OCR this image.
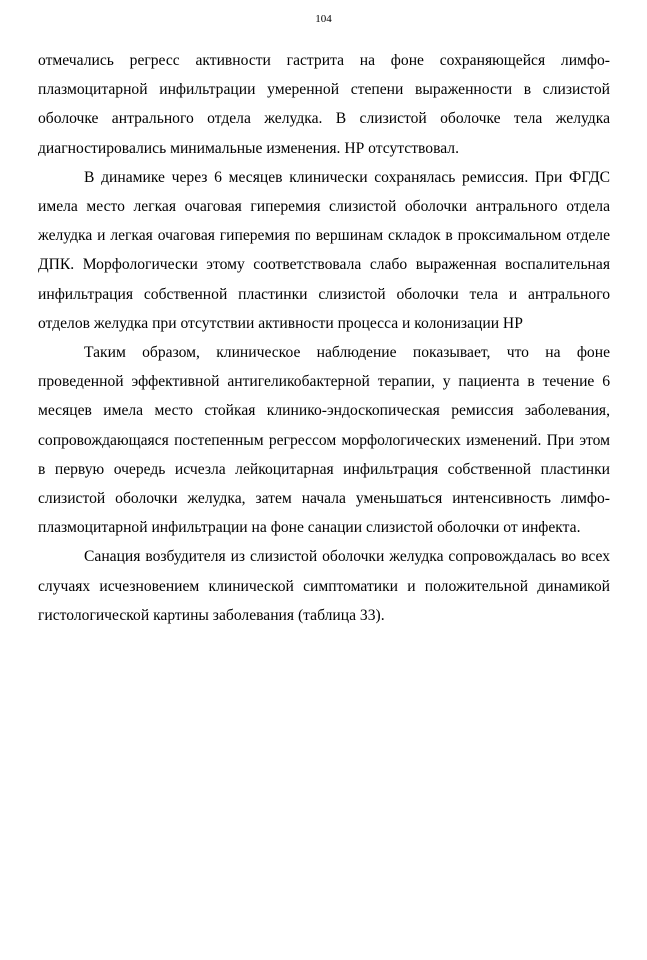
104

отмечались регресс активности гастрита на фоне сохраняющейся лимфо-плазмоцитарной инфильтрации умеренной степени выраженности в слизистой оболочке антрального отдела желудка. В слизистой оболочке тела желудка диагностировались минимальные изменения. НР отсутствовал.

В динамике через 6 месяцев клинически сохранялась ремиссия. При ФГДС имела место легкая очаговая гиперемия слизистой оболочки антрального отдела желудка и легкая очаговая гиперемия по вершинам складок в проксимальном отделе ДПК. Морфологически этому соответствовала слабо выраженная воспалительная инфильтрация собственной пластинки слизистой оболочки тела и антрального отделов желудка при отсутствии активности процесса и колонизации НР

Таким образом, клиническое наблюдение показывает, что на фоне проведенной эффективной антигеликобактерной терапии, у пациента в течение 6 месяцев имела место стойкая клинико-эндоскопическая ремиссия заболевания, сопровождающаяся постепенным регрессом морфологических изменений. При этом в первую очередь исчезла лейкоцитарная инфильтрация собственной пластинки слизистой оболочки желудка, затем начала уменьшаться интенсивность лимфо-плазмоцитарной инфильтрации на фоне санации слизистой оболочки от инфекта.

Санация возбудителя из слизистой оболочки желудка сопровождалась во всех случаях исчезновением клинической симптоматики и положительной динамикой гистологической картины заболевания (таблица 33).
